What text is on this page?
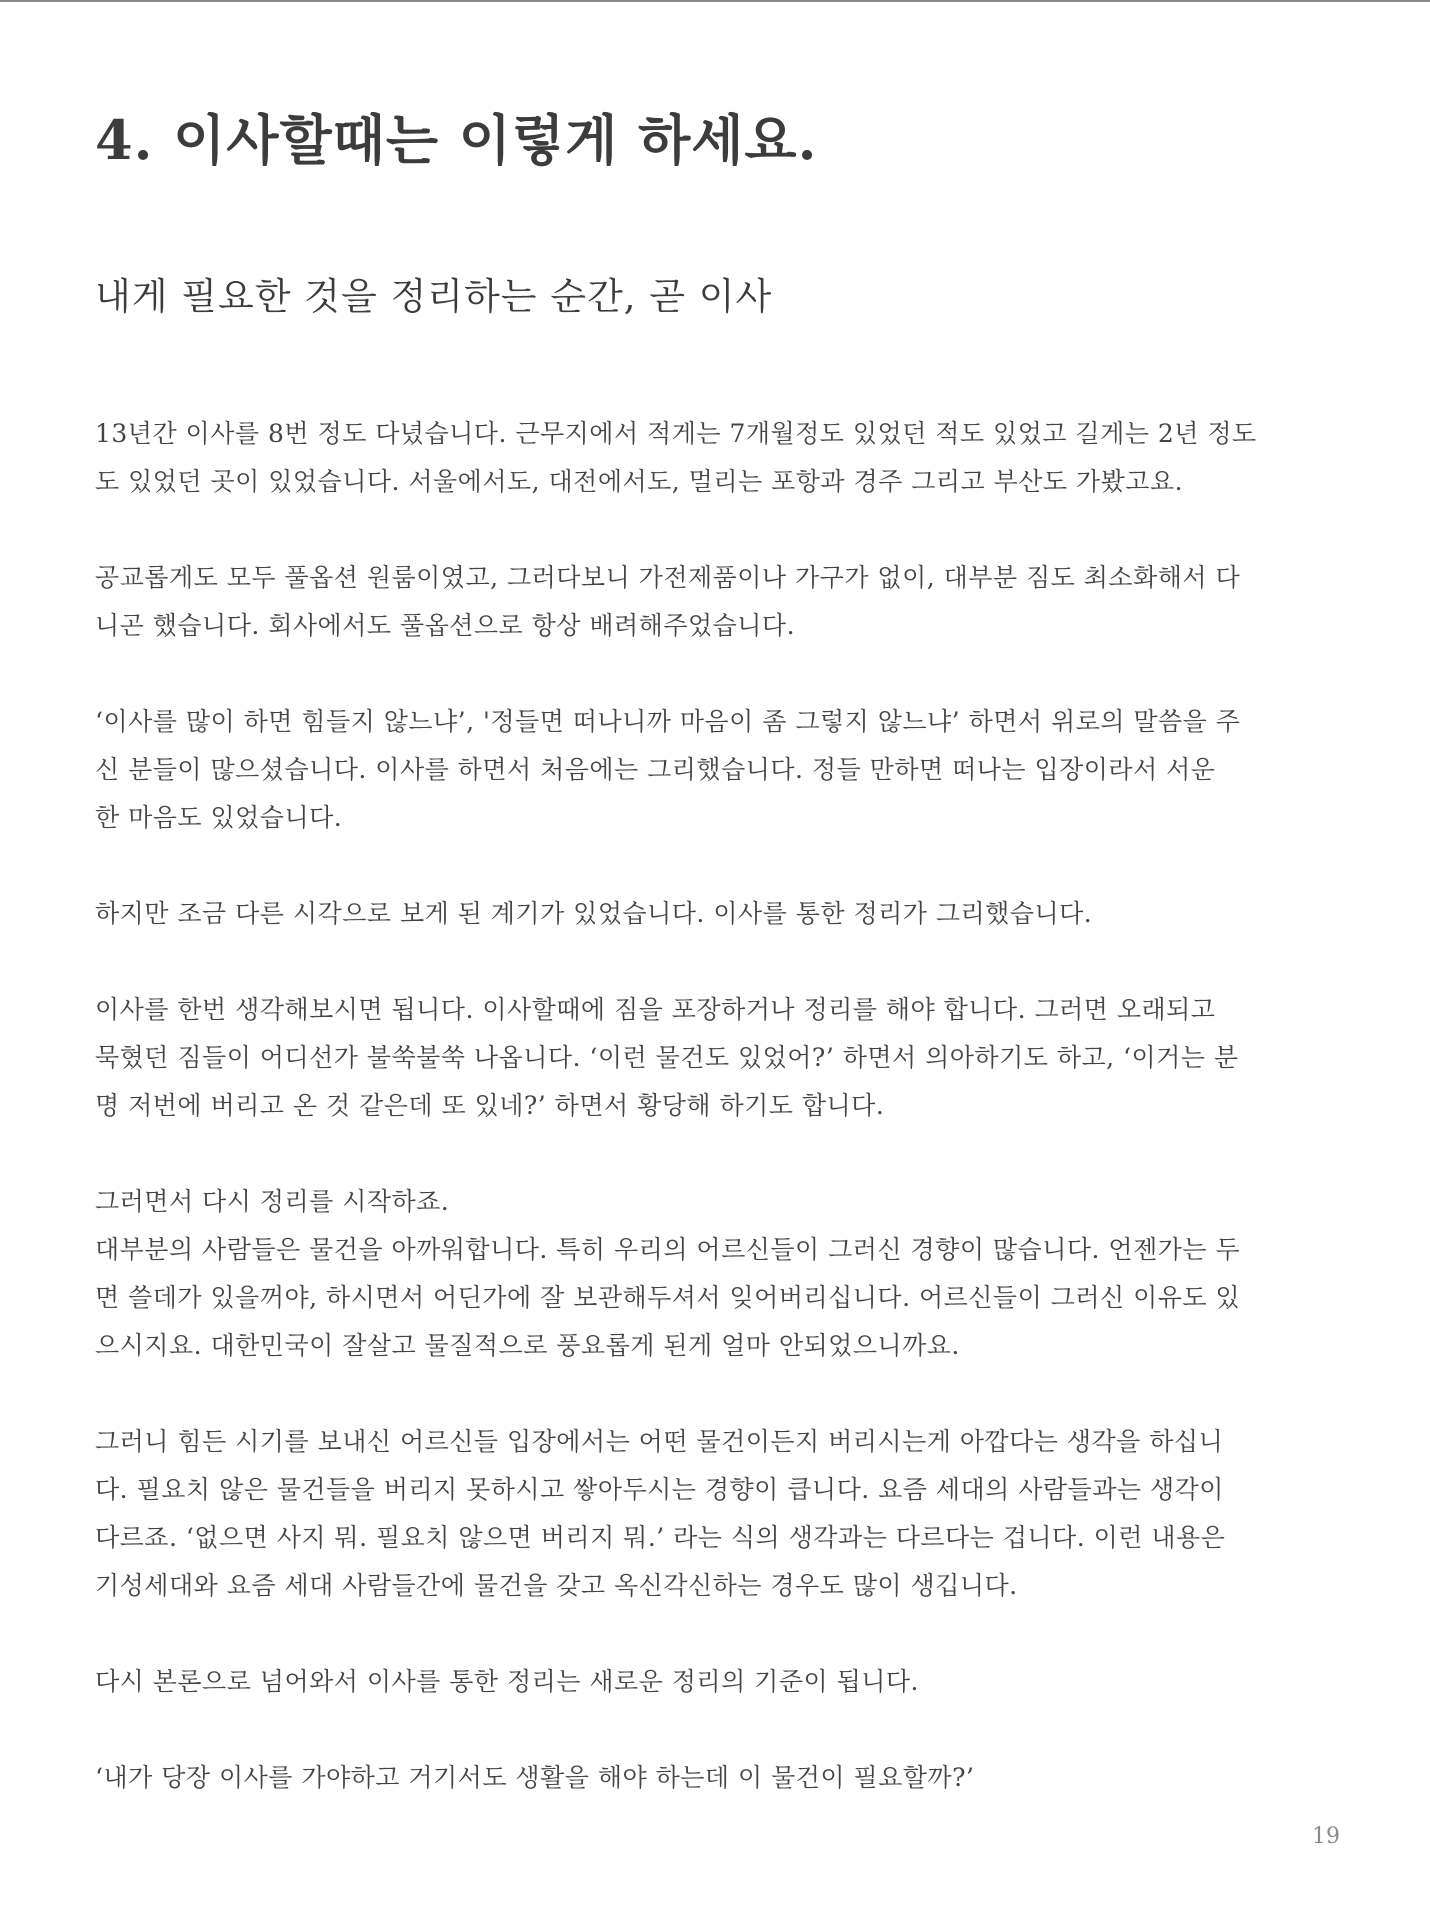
4. 이사할때는 이렇게 하세요.
내게 필요한 것을 정리하는 순간, 곧 이사

13년간 이사를 8번 정도 다녔습니다. 근무지에서 적게는 7개월정도 있었던 적도 있었고 길게는 2년 정도
도 있었던 곳이 있었습니다. 서울에서도, 대전에서도, 멀리는 포항과 경주 그리고 부산도 가봤고요.

공교롭게도 모두 풀옵션 원룸이였고, 그러다보니 가전제품이나 가구가 없이, 대부분 짐도 최소화해서 다
니곤 했습니다. 회사에서도 풀옵션으로 항상 배려해주었습니다.

‘이사를 많이 하면 힘들지 않느냐’, '정들면 떠나니까 마음이 좀 그렇지 않느냐’ 하면서 위로의 말씀을 주
신 분들이 많으셨습니다. 이사를 하면서 처음에는 그리했습니다. 정들 만하면 떠나는 입장이라서 서운
한 마음도 있었습니다.

하지만 조금 다른 시각으로 보게 된 계기가 있었습니다. 이사를 통한 정리가 그리했습니다.

이사를 한번 생각해보시면 됩니다. 이사할때에 짐을 포장하거나 정리를 해야 합니다. 그러면 오래되고
묵혔던 짐들이 어디선가 불쑥불쑥 나옵니다. ‘이런 물건도 있었어?’ 하면서 의아하기도 하고, ‘이거는 분
명 저번에 버리고 온 것 같은데 또 있네?’ 하면서 황당해 하기도 합니다.

그러면서 다시 정리를 시작하죠.
대부분의 사람들은 물건을 아까워합니다. 특히 우리의 어르신들이 그러신 경향이 많습니다. 언젠가는 두
면 쓸데가 있을꺼야, 하시면서 어딘가에 잘 보관해두셔서 잊어버리십니다. 어르신들이 그러신 이유도 있
으시지요. 대한민국이 잘살고 물질적으로 풍요롭게 된게 얼마 안되었으니까요.

그러니 힘든 시기를 보내신 어르신들 입장에서는 어떤 물건이든지 버리시는게 아깝다는 생각을 하십니
다. 필요치 않은 물건들을 버리지 못하시고 쌓아두시는 경향이 큽니다. 요즘 세대의 사람들과는 생각이
다르죠. ‘없으면 사지 뭐. 필요치 않으면 버리지 뭐.’ 라는 식의 생각과는 다르다는 겁니다. 이런 내용은
기성세대와 요즘 세대 사람들간에 물건을 갖고 옥신각신하는 경우도 많이 생깁니다.

다시 본론으로 넘어와서 이사를 통한 정리는 새로운 정리의 기준이 됩니다.

‘내가 당장 이사를 가야하고 거기서도 생활을 해야 하는데 이 물건이 필요할까?’

19
